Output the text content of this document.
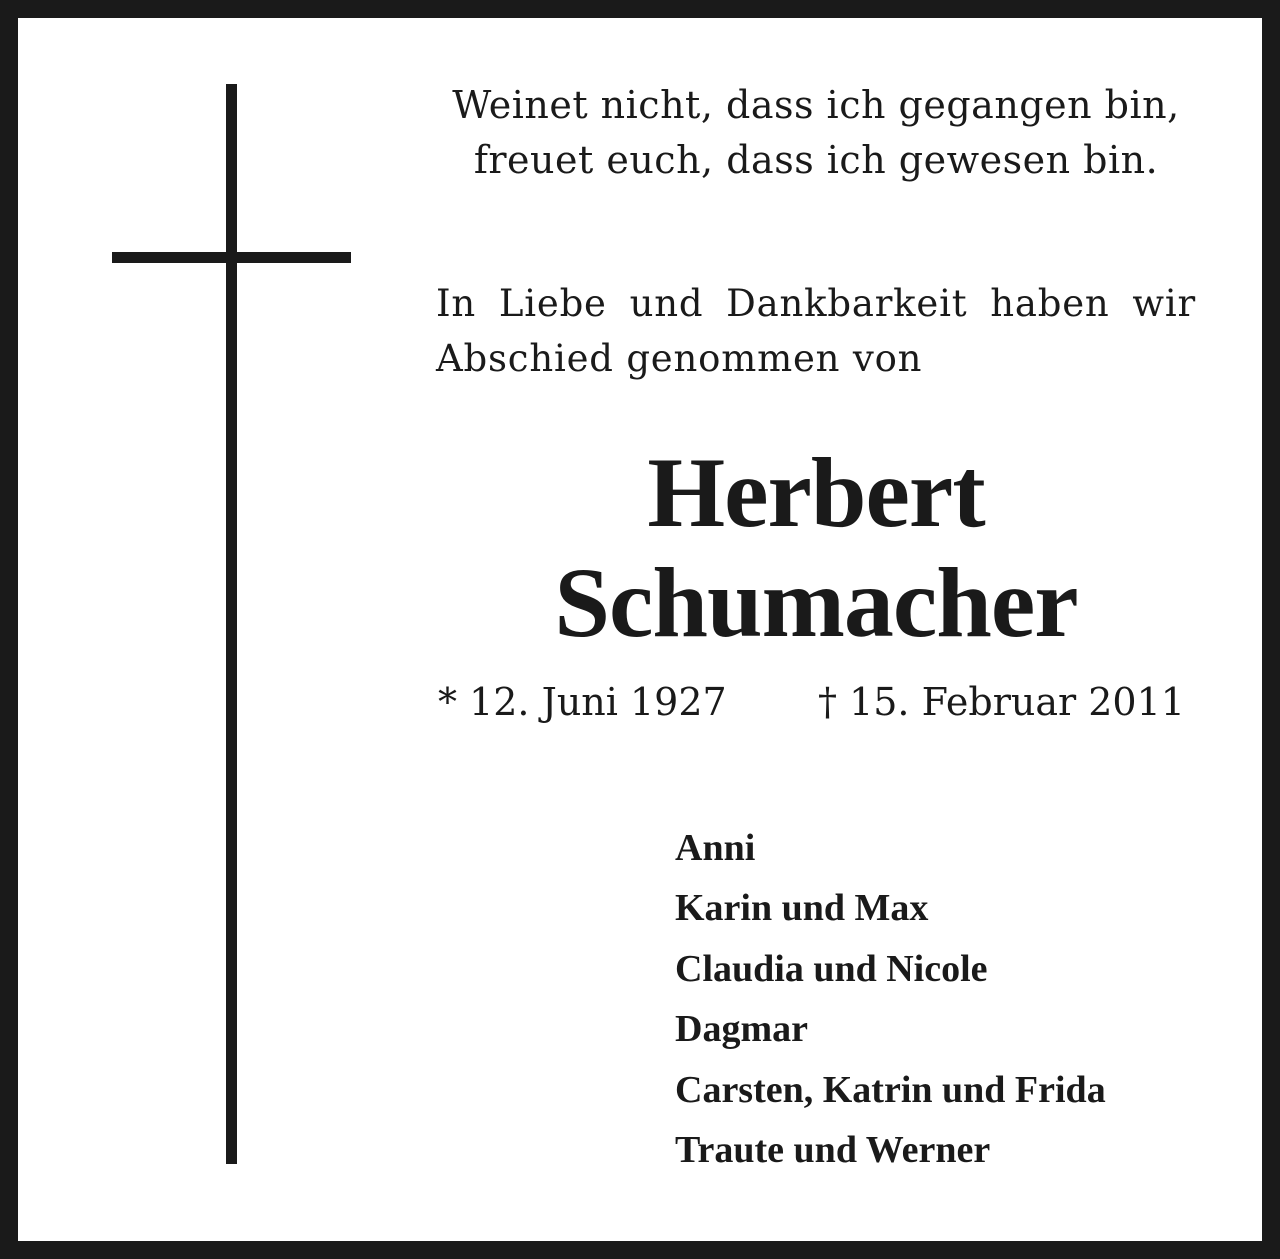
Weinet nicht, dass ich gegangen bin,
freuet euch, dass ich gewesen bin.
In Liebe und Dankbarkeit haben wir
Abschied genommen von
Herbert
Schumacher
* 12. Juni 1927 † 15. Februar 2011
Anni
Karin und Max
Claudia und Nicole
Dagmar
Carsten, Katrin und Frida
Traute und Werner
